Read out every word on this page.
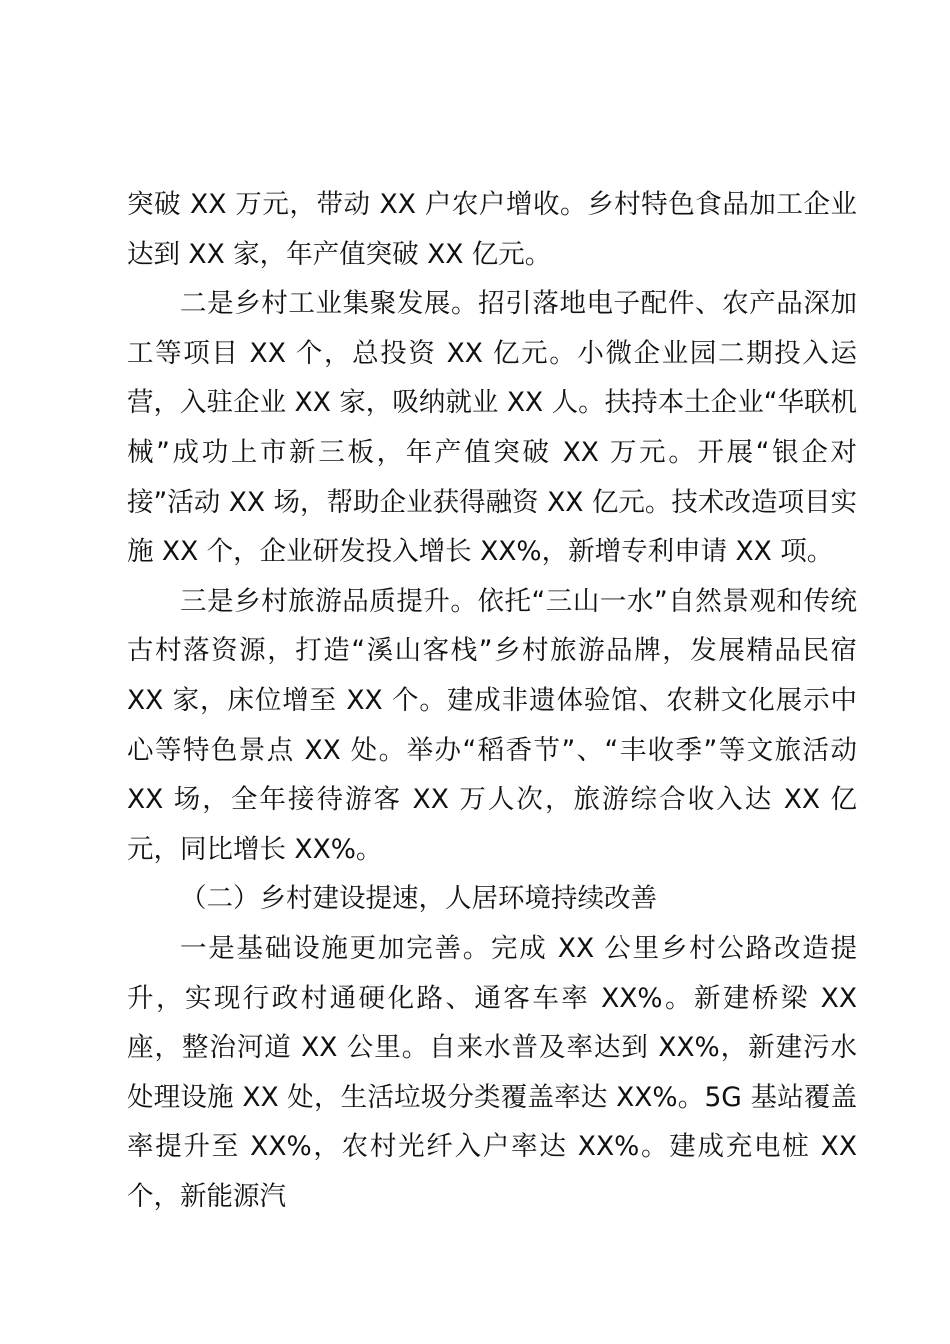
突破 XX 万元，带动 XX 户农户增收。乡村特色食品加工企业达到 XX 家，年产值突破 XX 亿元。

二是乡村工业集聚发展。招引落地电子配件、农产品深加工等项目 XX 个，总投资 XX 亿元。小微企业园二期投入运营，入驻企业 XX 家，吸纳就业 XX 人。扶持本土企业“华联机械”成功上市新三板，年产值突破 XX 万元。开展“银企对接”活动 XX 场，帮助企业获得融资 XX 亿元。技术改造项目实施 XX 个，企业研发投入增长 XX%，新增专利申请 XX 项。

三是乡村旅游品质提升。依托“三山一水”自然景观和传统古村落资源，打造“溪山客栈”乡村旅游品牌，发展精品民宿 XX 家，床位增至 XX 个。建成非遗体验馆、农耕文化展示中心等特色景点 XX 处。举办“稻香节”、“丰收季”等文旅活动 XX 场，全年接待游客 XX 万人次，旅游综合收入达 XX 亿元，同比增长 XX%。

（二）乡村建设提速，人居环境持续改善

一是基础设施更加完善。完成 XX 公里乡村公路改造提升，实现行政村通硬化路、通客车率 XX%。新建桥梁 XX 座，整治河道 XX 公里。自来水普及率达到 XX%，新建污水处理设施 XX 处，生活垃圾分类覆盖率达 XX%。5G 基站覆盖率提升至 XX%，农村光纤入户率达 XX%。建成充电桩 XX 个，新能源汽
